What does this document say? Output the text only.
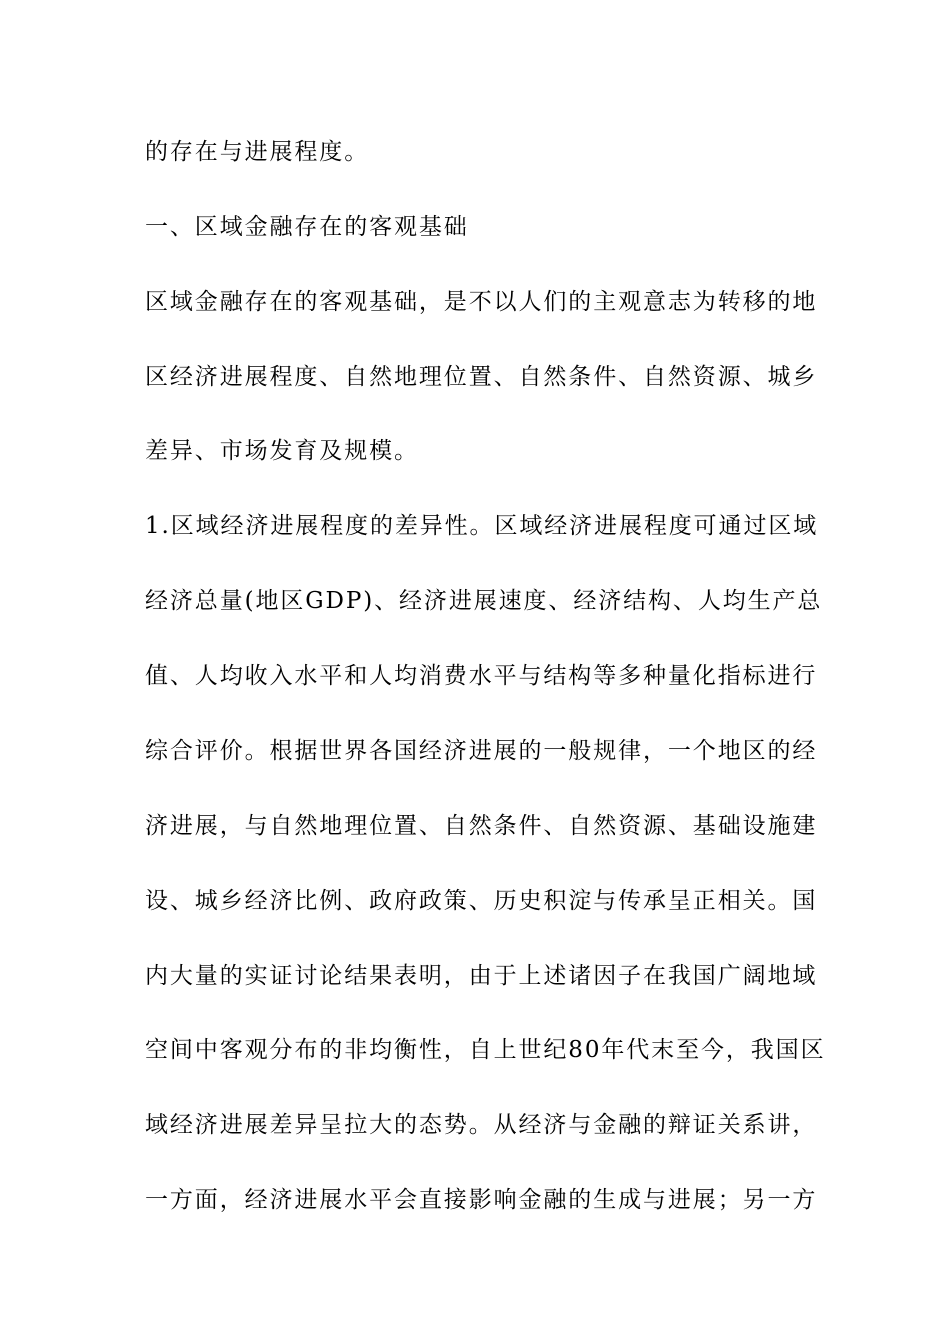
的存在与进展程度。
一、区域金融存在的客观基础
区域金融存在的客观基础，是不以人们的主观意志为转移的地
区经济进展程度、自然地理位置、自然条件、自然资源、城乡
差异、市场发育及规模。
1.区域经济进展程度的差异性。区域经济进展程度可通过区域
经济总量(地区GDP)、经济进展速度、经济结构、人均生产总
值、人均收入水平和人均消费水平与结构等多种量化指标进行
综合评价。根据世界各国经济进展的一般规律，一个地区的经
济进展，与自然地理位置、自然条件、自然资源、基础设施建
设、城乡经济比例、政府政策、历史积淀与传承呈正相关。国
内大量的实证讨论结果表明，由于上述诸因子在我国广阔地域
空间中客观分布的非均衡性，自上世纪80年代末至今，我国区
域经济进展差异呈拉大的态势。从经济与金融的辩证关系讲，
一方面，经济进展水平会直接影响金融的生成与进展；另一方
